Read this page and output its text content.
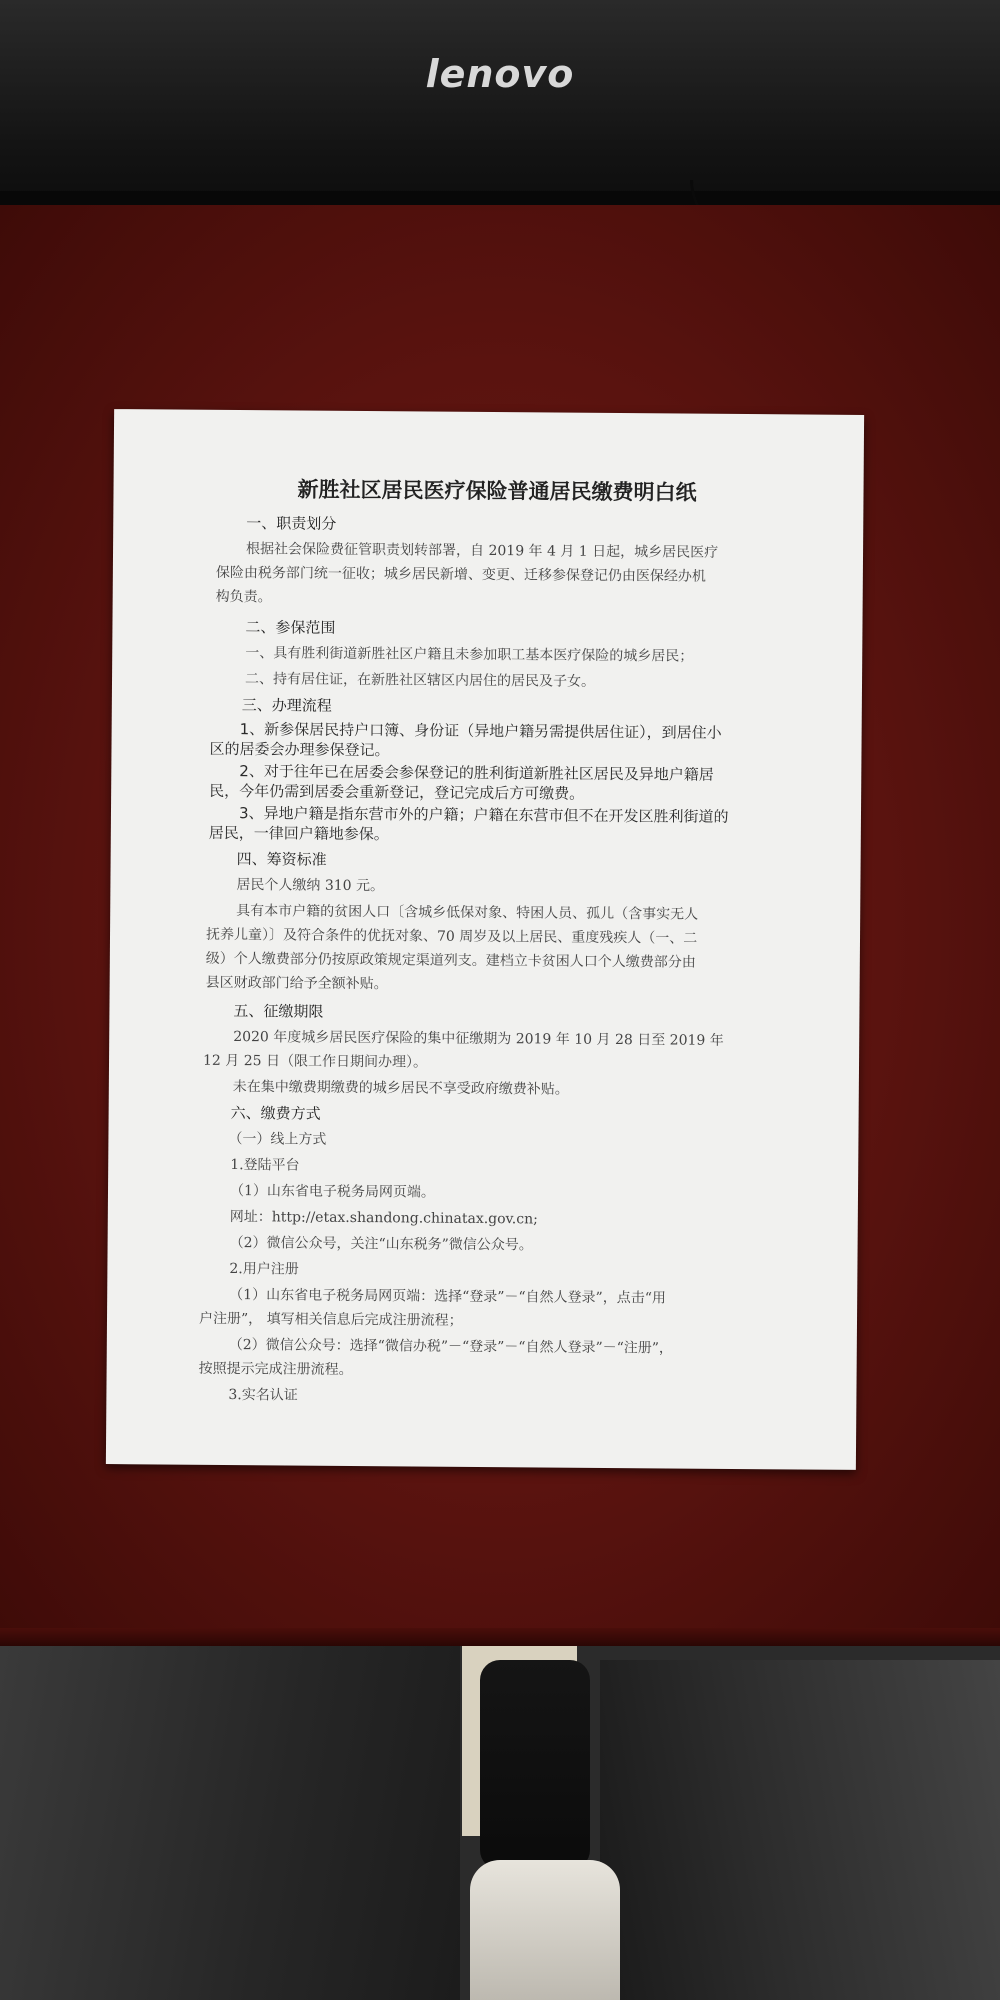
lenovo
新胜社区居民医疗保险普通居民缴费明白纸
一、职责划分
根据社会保险费征管职责划转部署，自 2019 年 4 月 1 日起，城乡居民医疗
保险由税务部门统一征收；城乡居民新增、变更、迁移参保登记仍由医保经办机
构负责。
二、参保范围
一、具有胜利街道新胜社区户籍且未参加职工基本医疗保险的城乡居民；
二、持有居住证，在新胜社区辖区内居住的居民及子女。
三、办理流程
1、新参保居民持户口簿、身份证（异地户籍另需提供居住证），到居住小
区的居委会办理参保登记。
2、对于往年已在居委会参保登记的胜利街道新胜社区居民及异地户籍居
民，今年仍需到居委会重新登记，登记完成后方可缴费。
3、异地户籍是指东营市外的户籍；户籍在东营市但不在开发区胜利街道的
居民，一律回户籍地参保。
四、筹资标准
居民个人缴纳 310 元。
具有本市户籍的贫困人口〔含城乡低保对象、特困人员、孤儿（含事实无人
抚养儿童）〕及符合条件的优抚对象、70 周岁及以上居民、重度残疾人（一、二
级）个人缴费部分仍按原政策规定渠道列支。建档立卡贫困人口个人缴费部分由
县区财政部门给予全额补贴。
五、征缴期限
2020 年度城乡居民医疗保险的集中征缴期为 2019 年 10 月 28 日至 2019 年
12 月 25 日（限工作日期间办理）。
未在集中缴费期缴费的城乡居民不享受政府缴费补贴。
六、缴费方式
（一）线上方式
1.登陆平台
（1）山东省电子税务局网页端。
网址：http://etax.shandong.chinatax.gov.cn;
（2）微信公众号，关注“山东税务”微信公众号。
2.用户注册
（1）山东省电子税务局网页端：选择“登录”－“自然人登录”，点击“用
户注册”， 填写相关信息后完成注册流程；
（2）微信公众号：选择“微信办税”－“登录”－“自然人登录”－“注册”，
按照提示完成注册流程。
3.实名认证
